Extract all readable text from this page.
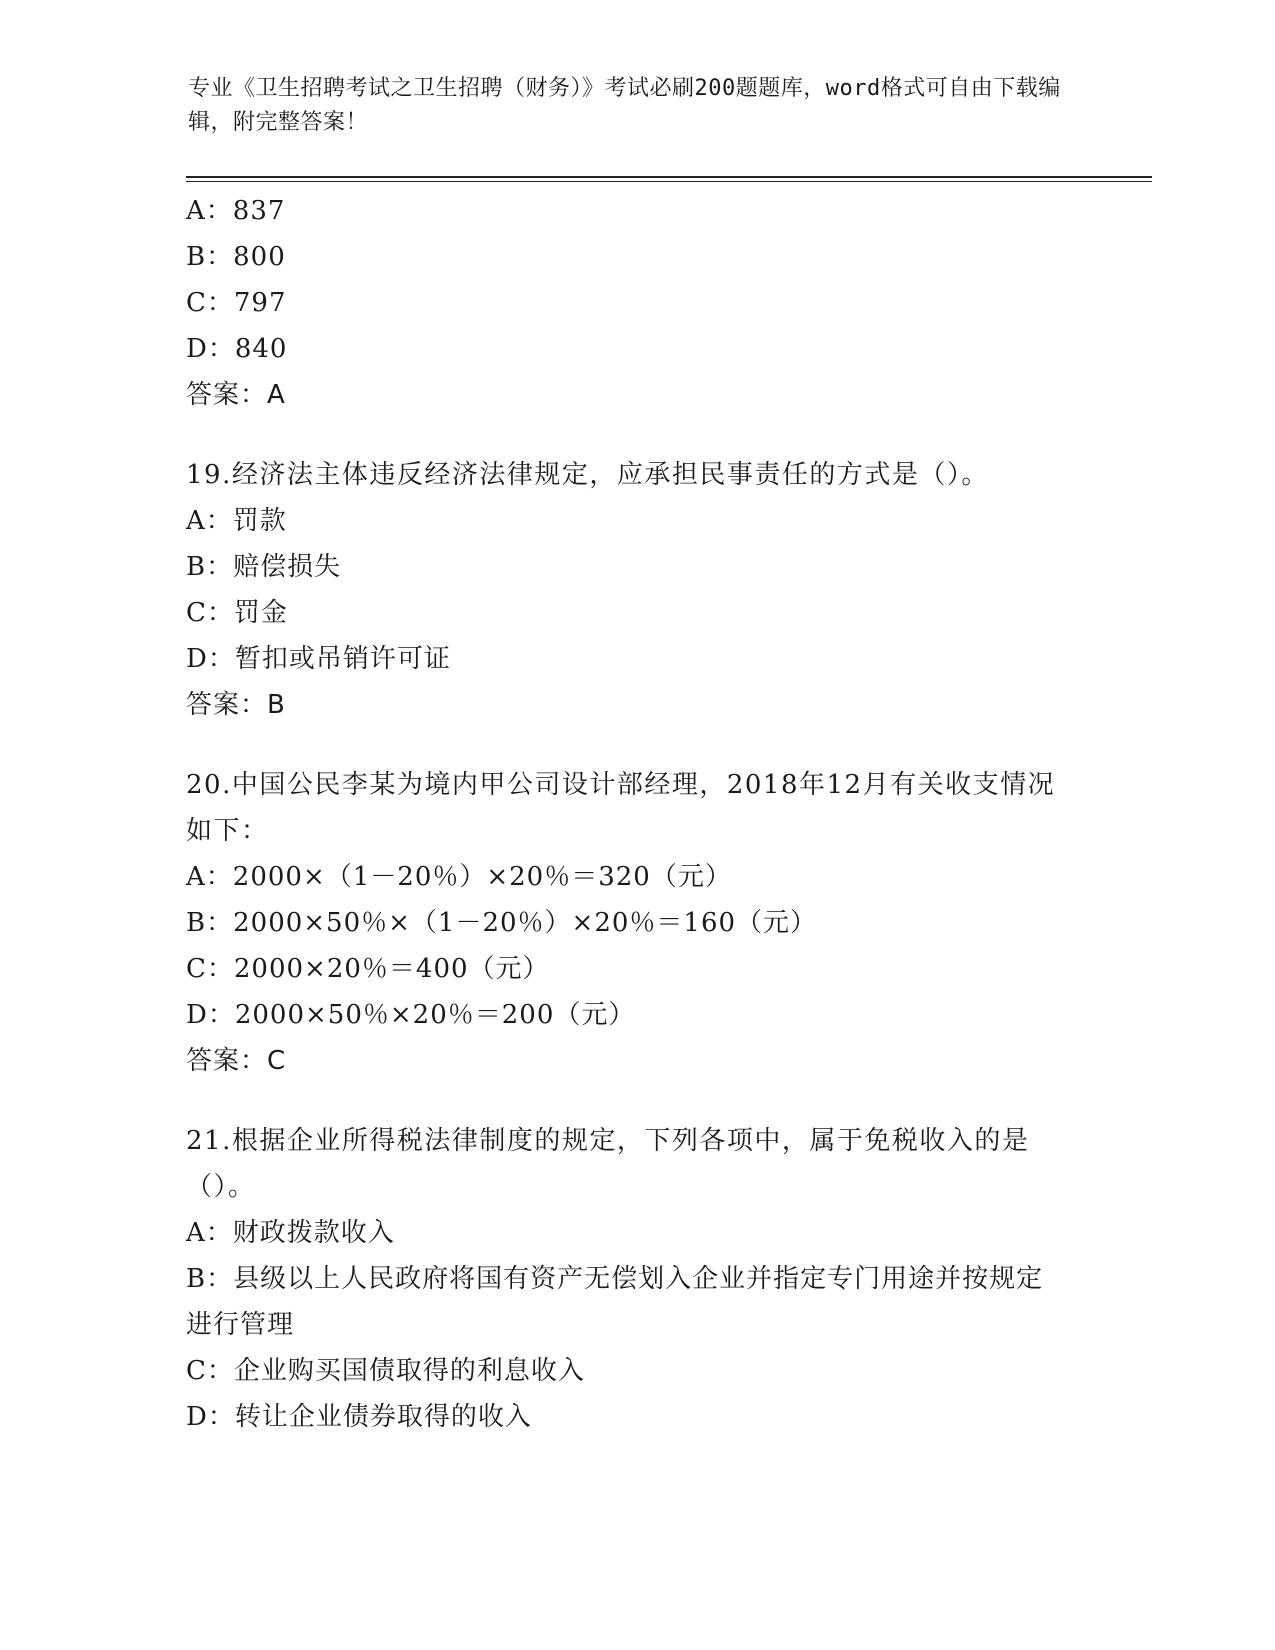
专业《卫生招聘考试之卫生招聘（财务）》考试必刷200题题库，word格式可自由下载编辑，附完整答案！
A：837
B：800
C：797
D：840
答案：A
19.经济法主体违反经济法律规定，应承担民事责任的方式是（）。
A：罚款
B：赔偿损失
C：罚金
D：暂扣或吊销许可证
答案：B
20.中国公民李某为境内甲公司设计部经理，2018年12月有关收支情况如下：
A：2000×（1－20％）×20％＝320（元）
B：2000×50％×（1－20％）×20％＝160（元）
C：2000×20％＝400（元）
D：2000×50％×20％＝200（元）
答案：C
21.根据企业所得税法律制度的规定，下列各项中，属于免税收入的是（）。
A：财政拨款收入
B：县级以上人民政府将国有资产无偿划入企业并指定专门用途并按规定进行管理
C：企业购买国债取得的利息收入
D：转让企业债券取得的收入
